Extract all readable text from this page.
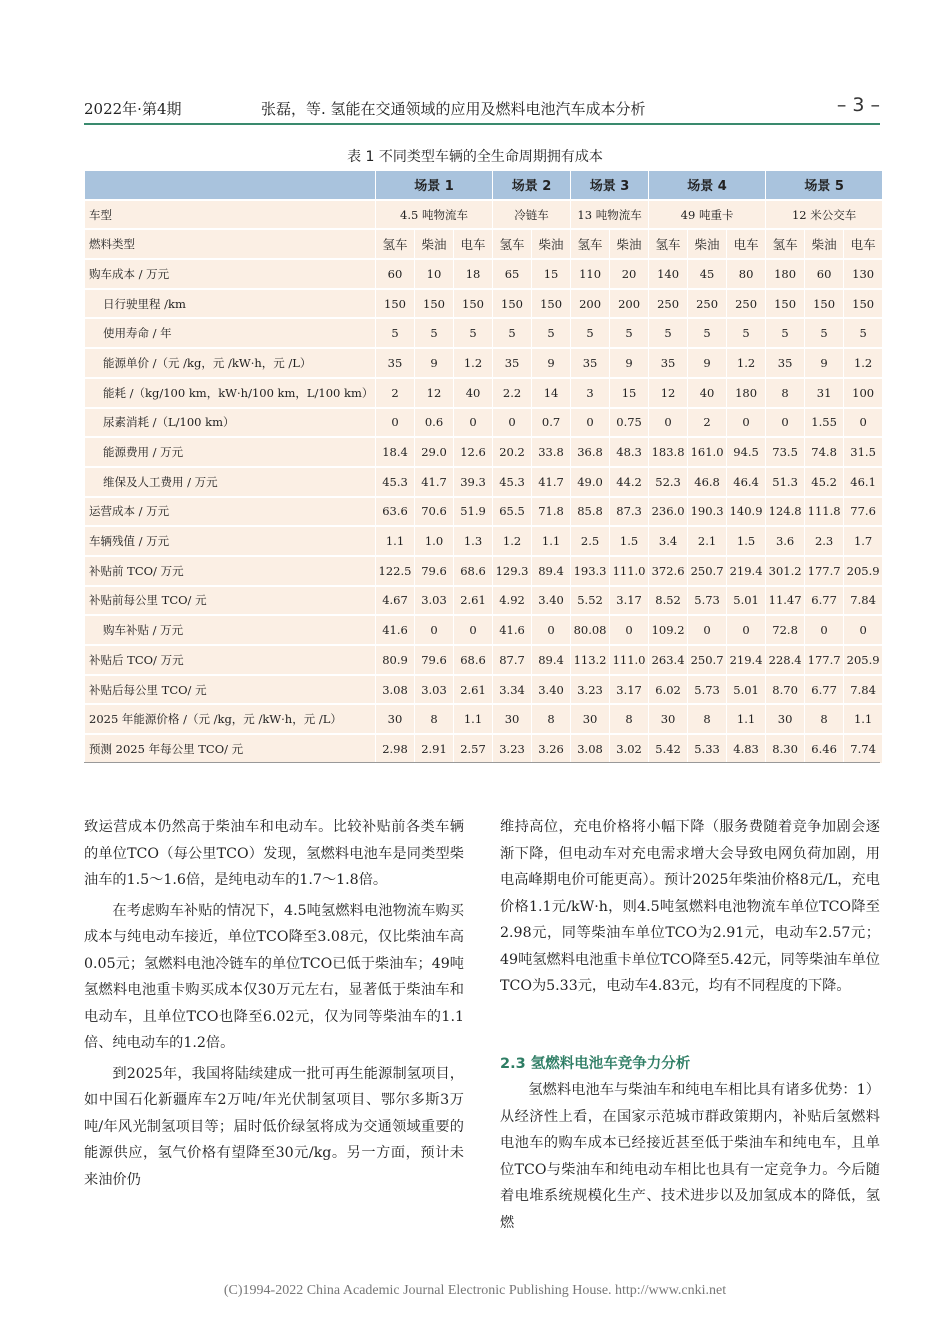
2022年·第4期	张磊，等. 氢能在交通领域的应用及燃料电池汽车成本分析	– 3 –
表 1 不同类型车辆的全生命周期拥有成本
	场景 1			场景 2		场景 3		场景 4			场景 5		
车型	4.5 吨物流车			冷链车		13 吨物流车		49 吨重卡			12 米公交车		
燃料类型	氢车	柴油	电车	氢车	柴油	氢车	柴油	氢车	柴油	电车	氢车	柴油	电车
购车成本 / 万元	60	10	18	65	15	110	20	140	45	80	180	60	130
日行驶里程 /km	150	150	150	150	150	200	200	250	250	250	150	150	150
使用寿命 / 年	5	5	5	5	5	5	5	5	5	5	5	5	5
能源单价 /（元 /kg，元 /kW·h，元 /L）	35	9	1.2	35	9	35	9	35	9	1.2	35	9	1.2
能耗 /（kg/100 km，kW·h/100 km，L/100 km）	2	12	40	2.2	14	3	15	12	40	180	8	31	100
尿素消耗 /（L/100 km）	0	0.6	0	0	0.7	0	0.75	0	2	0	0	1.55	0
能源费用 / 万元	18.4	29.0	12.6	20.2	33.8	36.8	48.3	183.8	161.0	94.5	73.5	74.8	31.5
维保及人工费用 / 万元	45.3	41.7	39.3	45.3	41.7	49.0	44.2	52.3	46.8	46.4	51.3	45.2	46.1
运营成本 / 万元	63.6	70.6	51.9	65.5	71.8	85.8	87.3	236.0	190.3	140.9	124.8	111.8	77.6
车辆残值 / 万元	1.1	1.0	1.3	1.2	1.1	2.5	1.5	3.4	2.1	1.5	3.6	2.3	1.7
补贴前 TCO/ 万元	122.5	79.6	68.6	129.3	89.4	193.3	111.0	372.6	250.7	219.4	301.2	177.7	205.9
补贴前每公里 TCO/ 元	4.67	3.03	2.61	4.92	3.40	5.52	3.17	8.52	5.73	5.01	11.47	6.77	7.84
购车补贴 / 万元	41.6	0	0	41.6	0	80.08	0	109.2	0	0	72.8	0	0
补贴后 TCO/ 万元	80.9	79.6	68.6	87.7	89.4	113.2	111.0	263.4	250.7	219.4	228.4	177.7	205.9
补贴后每公里 TCO/ 元	3.08	3.03	2.61	3.34	3.40	3.23	3.17	6.02	5.73	5.01	8.70	6.77	7.84
2025 年能源价格 /（元 /kg，元 /kW·h，元 /L）	30	8	1.1	30	8	30	8	30	8	1.1	30	8	1.1
预测 2025 年每公里 TCO/ 元	2.98	2.91	2.57	3.23	3.26	3.08	3.02	5.42	5.33	4.83	8.30	6.46	7.74

致运营成本仍然高于柴油车和电动车。比较补贴前各类车辆的单位TCO（每公里TCO）发现，氢燃料电池车是同类型柴油车的1.5～1.6倍，是纯电动车的1.7～1.8倍。

在考虑购车补贴的情况下，4.5吨氢燃料电池物流车购买成本与纯电动车接近，单位TCO降至3.08元，仅比柴油车高0.05元；氢燃料电池冷链车的单位TCO已低于柴油车；49吨氢燃料电池重卡购买成本仅30万元左右，显著低于柴油车和电动车，且单位TCO也降至6.02元，仅为同等柴油车的1.1倍、纯电动车的1.2倍。

到2025年，我国将陆续建成一批可再生能源制氢项目，如中国石化新疆库车2万吨/年光伏制氢项目、鄂尔多斯3万吨/年风光制氢项目等；届时低价绿氢将成为交通领域重要的能源供应，氢气价格有望降至30元/kg。另一方面，预计未来油价仍

维持高位，充电价格将小幅下降（服务费随着竞争加剧会逐渐下降，但电动车对充电需求增大会导致电网负荷加剧，用电高峰期电价可能更高）。预计2025年柴油价格8元/L，充电价格1.1元/kW·h，则4.5吨氢燃料电池物流车单位TCO降至2.98元，同等柴油车单位TCO为2.91元，电动车2.57元；49吨氢燃料电池重卡单位TCO降至5.42元，同等柴油车单位TCO为5.33元，电动车4.83元，均有不同程度的下降。

2.3 氢燃料电池车竞争力分析

氢燃料电池车与柴油车和纯电车相比具有诸多优势：1）从经济性上看，在国家示范城市群政策期内，补贴后氢燃料电池车的购车成本已经接近甚至低于柴油车和纯电车，且单位TCO与柴油车和纯电动车相比也具有一定竞争力。今后随着电堆系统规模化生产、技术进步以及加氢成本的降低，氢燃

(C)1994-2022 China Academic Journal Electronic Publishing House. http://www.cnki.net
